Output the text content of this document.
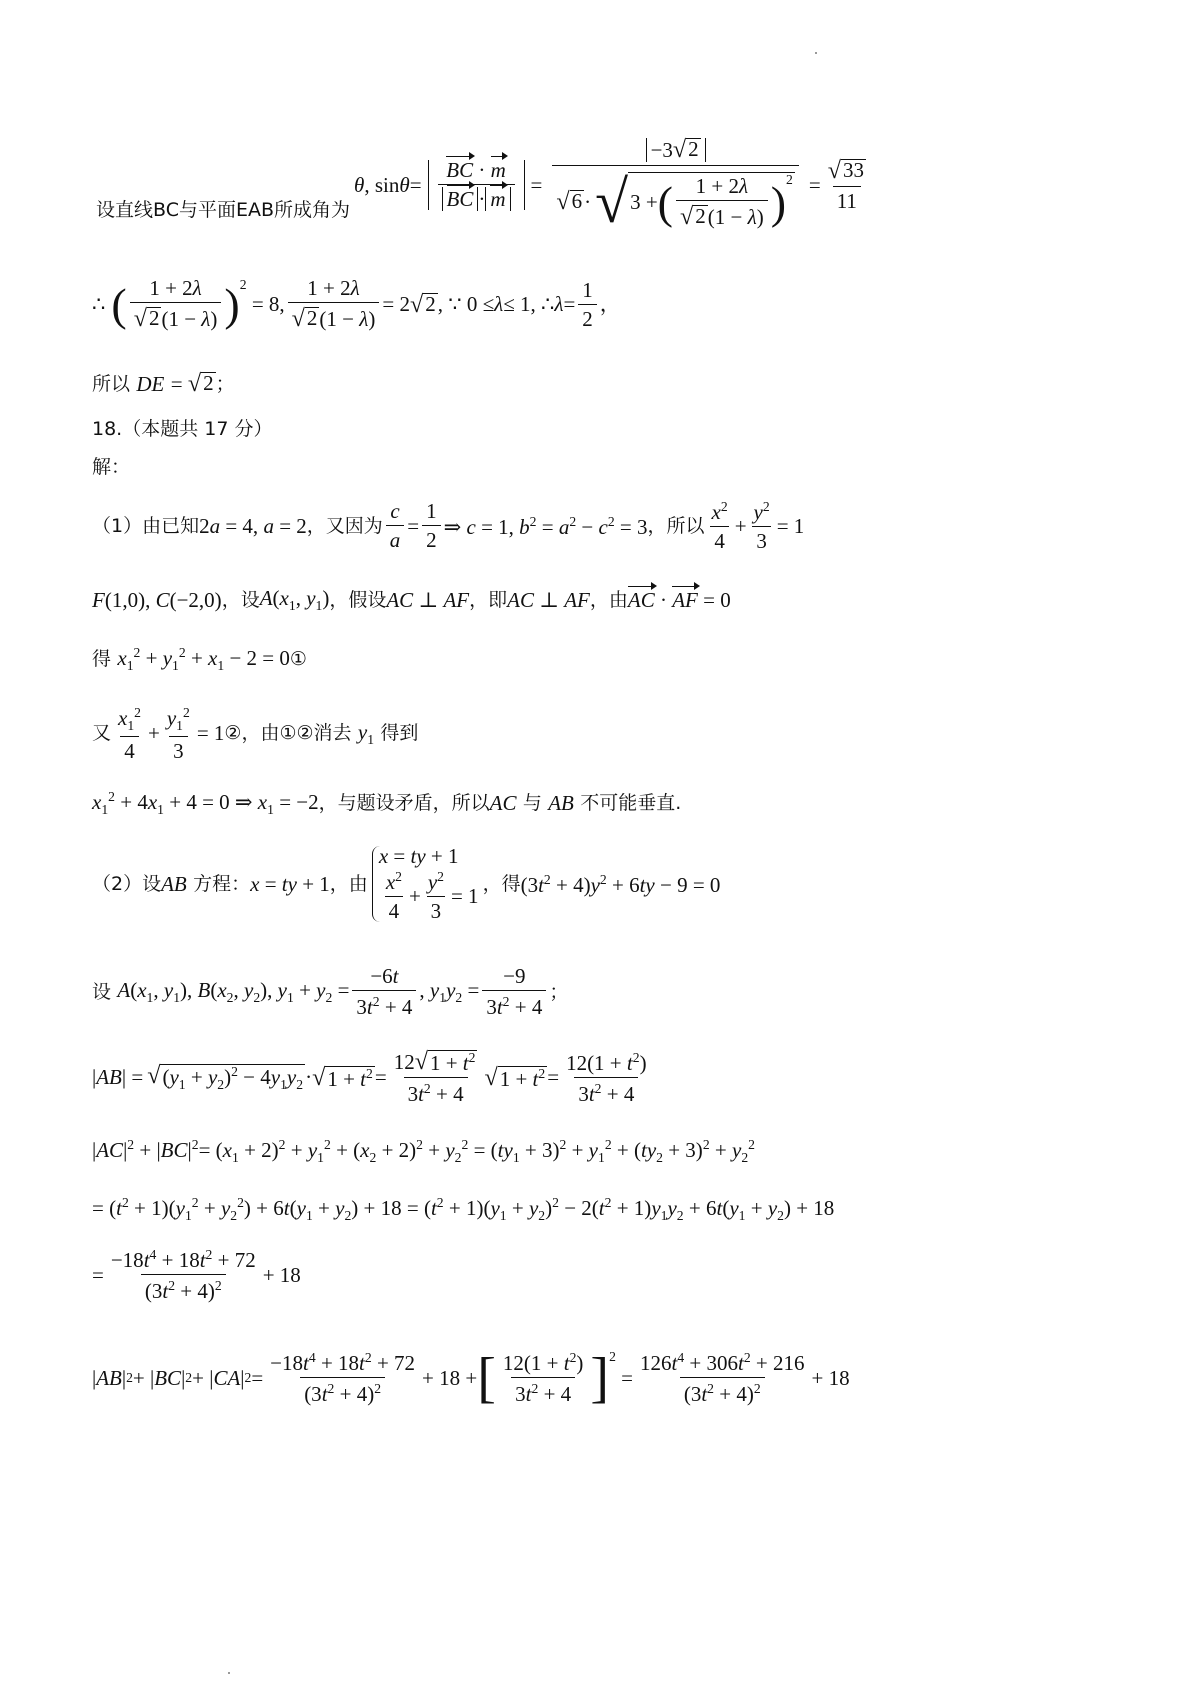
设直线BC与平面EAB所成角为
θ , $\sin \theta = \frac{BC \cdot m}{BC \cdot m} = \frac{-3 √ 2}{√ 6 \cdot √ 3 + ( \frac{1 + 2\lambda}{√ 2 (1 - \lambda)} )^2} = \frac{√ 33}{11}$
∴ ( $\frac{1 + 2\lambda}{√ 2 (1 - \lambda)} )^2$
= 8, $\frac{1 + 2\lambda}{√ 2 (1 - \lambda)} = 2$ √ 2 , ∵ 0 ≤ λ ≤ 1, ∴ $\lambda = \frac{1}{2}$ ，
所以
DE
= √ 2 ；
18.（本题共 17 分）
解：
（1）由已知 2a = 4, a = 2 ，又因为 $\frac{c}{a} = \frac{1}{2}$ ⇒ c = 1, $b^2 = a^2 - c^2 = 3$ ，所以 $\frac{x^2}{4} + \frac{y^2}{3} = 1$
F(1,0), C(−2,0) ，设 $A(x_1$, $y_1$) ，假设 AC ⊥ AF ，即 AC ⊥ AF ，由 AC · AF = 0
得
$x_1^2 + y_1^2 + x_1 - 2 = 0$ ①
又 $\frac{x_1^2}{4} + \frac{y_1^2}{3} = 1$ ②，由①②消去
$y_1$
得到
$x_1^2 + 4x_1 + 4 = 0$ ⇒ $x_1 = -2$ ，与题设矛盾，所以 AC
与
AB
不可能垂直.
（2）设 AB
方程： x = ty + 1 ，由
x = ty + 1
$\frac{x^2}{4} + \frac{y^2}{3} = 1$ ，得 $(3t^2 + 4)y^2 + 6ty - 9 = 0$
设
$A(x_1$, $y_1$), $B(x_2$, $y_2$), $y_1 + y_2 = \frac{-6t}{3t^2 + 4}$ , $y_1y_2 = \frac{-9}{3t^2 + 4}$ ；
| AB | = √ $(y_1 + y_2)^2 - 4y_1y_2$ · √ $1 + t^2 = \frac{12 √ 1 + t^2}{3t^2 + 4}$ √ $1 + t^2 = \frac{12(1 + t^2)}{3t^2 + 4}$
$|AC|^2 + |BC|^2= (x_1 + 2)^2 + y_1^2 + (x_2 + 2)^2 + y_2^2 = (ty_1 + 3)^2 + y_1^2 + (ty_2 + 3)^2 + y_2^2$
= $(t^2 + 1)(y_1^2 + y_2^2) + 6t(y_1 + y_2) + 18 = (t^2 + 1)(y_1 + y_2)^2 - 2(t^2 + 1)y_1y_2 + 6t(y_1 + y_2) + 18$
= $\frac{-18t^4 + 18t^2 + 72}{(3t^2 + 4)^2} + 18$
| AB | 2 + | BC | 2 + | CA | $2 = \frac{-18t^4 + 18t^2 + 72}{(3t^2 + 4)^2} + 18$ + [ $\frac{12(1 + t^2)}{3t^2 + 4} ]^2$
= $\frac{126t^4 + 306t^2 + 216}{(3t^2 + 4)^2} + 18$
